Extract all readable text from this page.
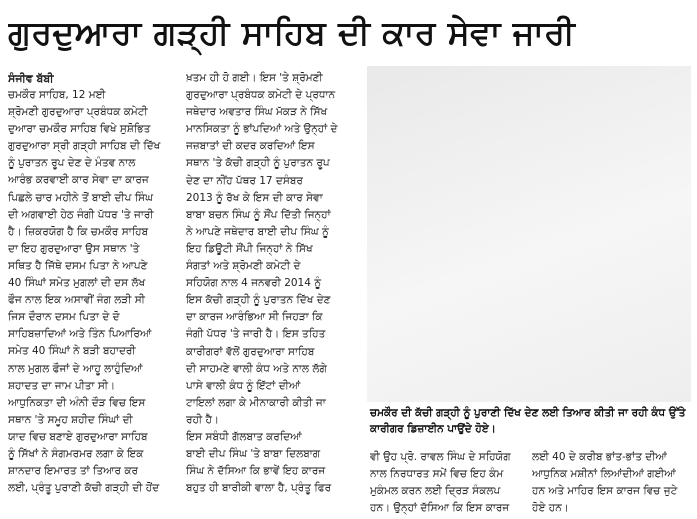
ਗੁਰਦੁਆਰਾ ਗੜ੍ਹੀ ਸਾਹਿਬ ਦੀ ਕਾਰ ਸੇਵਾ ਜਾਰੀ
ਸੰਜੀਵ ਬੱਬੀ
ਚਮਕੌਰ ਸਾਹਿਬ, 12 ਮਈ
ਸ਼੍ਰੋਮਣੀ ਗੁਰਦੁਆਰਾ ਪ੍ਰਬੰਧਕ ਕਮੇਟੀ
ਦੁਆਰਾ ਚਮਕੌਰ ਸਾਹਿਬ ਵਿਖੇ ਸੁਸ਼ੋਭਿਤ
ਗੁਰਦੁਆਰਾ ਸ੍ਰੀ ਗੜ੍ਹੀ ਸਾਹਿਬ ਦੀ ਦਿੱਖ
ਨੂੰ ਪੁਰਾਤਨ ਰੂਪ ਦੇਣ ਦੇ ਮੰਤਵ ਨਾਲ
ਆਰੰਭ ਕਰਵਾਈ ਕਾਰ ਸੇਵਾ ਦਾ ਕਾਰਜ
ਪਿਛਲੇ ਚਾਰ ਮਹੀਨੇ ਤੋਂ ਬਾਈ ਦੀਪ ਸਿੰਘ
ਦੀ ਅਗਵਾਈ ਹੇਠ ਜੰਗੀ ਪੱਧਰ 'ਤੇ ਜਾਰੀ
ਹੈ। ਜ਼ਿਕਰਯੋਗ ਹੈ ਕਿ ਚਮਕੌਰ ਸਾਹਿਬ
ਦਾ ਇਹ ਗੁਰਦੁਆਰਾ ਉਸ ਸਥਾਨ 'ਤੇ
ਸਥਿਤ ਹੈ ਜਿੱਥੇ ਦਸਮ ਪਿਤਾ ਨੇ ਆਪਣੇ
40 ਸਿੰਘਾਂ ਸਮੇਤ ਮੁਗਲਾਂ ਦੀ ਦਸ ਲੱਖ
ਫੌਜ ਨਾਲ ਇਕ ਅਸਾਵੀਂ ਜੰਗ ਲੜੀ ਸੀ
ਜਿਸ ਦੌਰਾਨ ਦਸਮ ਪਿਤਾ ਦੇ ਦੋ
ਸਾਹਿਬਜ਼ਾਦਿਆਂ ਅਤੇ ਤਿੰਨ ਪਿਆਰਿਆਂ
ਸਮੇਤ 40 ਸਿੰਘਾਂ ਨੇ ਬੜੀ ਬਹਾਦਰੀ
ਨਾਲ ਮੁਗਲ ਫੌਜਾਂ ਦੇ ਆਹੂ ਲਾਹੁੰਦਿਆਂ
ਸ਼ਹਾਦਤ ਦਾ ਜਾਮ ਪੀਤਾ ਸੀ।
ਆਧੁਨਿਕਤਾ ਦੀ ਅੰਨੀ ਦੌੜ ਵਿਚ ਇਸ
ਸਥਾਨ 'ਤੇ ਸਮੂਹ ਸ਼ਹੀਦ ਸਿੰਘਾਂ ਦੀ
ਯਾਦ ਵਿਚ ਬਣਾਏ ਗੁਰਦੁਆਰਾ ਸਾਹਿਬ
ਨੂੰ ਸਿੱਖਾਂ ਨੇ ਸੰਗਮਰਮਰ ਲਗਾ ਕੇ ਇਕ
ਸ਼ਾਨਦਾਰ ਇਮਾਰਤ ਤਾਂ ਤਿਆਰ ਕਰ
ਲਈ, ਪ੍ਰੰਤੂ ਪੁਰਾਣੀ ਕੱਚੀ ਗੜ੍ਹੀ ਦੀ ਹੋਂਦ
ਖ਼ਤਮ ਹੀ ਹੋ ਗਈ। ਇਸ 'ਤੇ ਸ਼੍ਰੋਮਣੀ
ਗੁਰਦੁਆਰਾ ਪ੍ਰਬੰਧਕ ਕਮੇਟੀ ਦੇ ਪ੍ਰਧਾਨ
ਜਥੇਦਾਰ ਅਵਤਾਰ ਸਿੰਘ ਮੱਕੜ ਨੇ ਸਿੱਖ
ਮਾਨਸਿਕਤਾ ਨੂੰ ਭਾਂਪਦਿਆਂ ਅਤੇ ਉਨ੍ਹਾਂ ਦੇ
ਜਜ਼ਬਾਤਾਂ ਦੀ ਕਦਰ ਕਰਦਿਆਂ ਇਸ
ਸਥਾਨ 'ਤੇ ਕੱਚੀ ਗੜ੍ਹੀ ਨੂੰ ਪੁਰਾਤਨ ਰੂਪ
ਦੇਣ ਦਾ ਨੀਂਹ ਪੱਥਰ 17 ਦਸੰਬਰ
2013 ਨੂੰ ਰੱਖ ਕੇ ਇਸ ਦੀ ਕਾਰ ਸੇਵਾ
ਬਾਬਾ ਬਚਨ ਸਿੰਘ ਨੂੰ ਸੌਂਪ ਦਿੱਤੀ ਜਿਨ੍ਹਾਂ
ਨੇ ਆਪਣੇ ਜਥੇਦਾਰ ਬਾਈ ਦੀਪ ਸਿੰਘ ਨੂੰ
ਇਹ ਡਿਊਟੀ ਸੌਂਪੀ ਜਿਨ੍ਹਾਂ ਨੇ ਸਿੱਖ
ਸੰਗਤਾਂ ਅਤੇ ਸ਼੍ਰੋਮਣੀ ਕਮੇਟੀ ਦੇ
ਸਹਿਯੋਗ ਨਾਲ 4 ਜਨਵਰੀ 2014 ਨੂੰ
ਇਸ ਕੱਚੀ ਗੜ੍ਹੀ ਨੂੰ ਪੁਰਾਤਨ ਦਿੱਖ ਦੇਣ
ਦਾ ਕਾਰਜ ਆਰੰਭਿਆ ਸੀ ਜਿਹੜਾ ਕਿ
ਜੰਗੀ ਪੱਧਰ 'ਤੇ ਜਾਰੀ ਹੈ। ਇਸ ਤਹਿਤ
ਕਾਰੀਗਰਾਂ ਵੱਲੋਂ ਗੁਰਦੁਆਰਾ ਸਾਹਿਬ
ਦੀ ਸਾਹਮਣੇ ਵਾਲੀ ਕੰਧ ਅਤੇ ਨਾਲ ਲੱਗੇ
ਪਾਸੇ ਵਾਲੀ ਕੰਧ ਨੂੰ ਇੱਟਾਂ ਦੀਆਂ
ਟਾਇਲਾਂ ਲਗਾ ਕੇ ਮੀਨਾਕਾਰੀ ਕੀਤੀ ਜਾ
ਰਹੀ ਹੈ।
ਇਸ ਸਬੰਧੀ ਗੱਲਬਾਤ ਕਰਦਿਆਂ
ਬਾਈ ਦੀਪ ਸਿੰਘ 'ਤੇ ਬਾਬਾ ਦਿਲਬਾਗ
ਸਿੰਘ ਨੇ ਦੱਸਿਆ ਕਿ ਭਾਵੇਂ ਇਹ ਕਾਰਜ
ਬਹੁਤ ਹੀ ਬਾਰੀਕੀ ਵਾਲਾ ਹੈ, ਪ੍ਰੰਤੂ ਫਿਰ
ਚਮਕੌਰ ਦੀ ਕੱਚੀ ਗੜ੍ਹੀ ਨੂੰ ਪੁਰਾਣੀ ਦਿੱਖ ਦੇਣ ਲਈ ਤਿਆਰ ਕੀਤੀ ਜਾ ਰਹੀ ਕੰਧ ਉੱਤੇ ਕਾਰੀਗਰ ਡਿਜ਼ਾਈਨ ਪਾਉਂਦੇ ਹੋਏ।
ਵੀ ਉਹ ਪ੍ਰੋ. ਰਾਵਲ ਸਿੰਘ ਦੇ ਸਹਿਯੋਗ
ਨਾਲ ਨਿਰਧਾਰਤ ਸਮੇਂ ਵਿਚ ਇਹ ਕੰਮ
ਮੁਕੰਮਲ ਕਰਨ ਲਈ ਦ੍ਰਿੜ ਸੰਕਲਪ
ਹਨ। ਉਨ੍ਹਾਂ ਦੱਸਿਆ ਕਿ ਇਸ ਕਾਰਜ
ਲਈ 40 ਦੇ ਕਰੀਬ ਭਾਂਤ-ਭਾਂਤ ਦੀਆਂ
ਆਧੁਨਿਕ ਮਸ਼ੀਨਾਂ ਲਿਆਂਦੀਆਂ ਗਈਆਂ
ਹਨ ਅਤੇ ਮਾਹਿਰ ਇਸ ਕਾਰਜ ਵਿਚ ਜੁਟੇ
ਹੋਏ ਹਨ।
